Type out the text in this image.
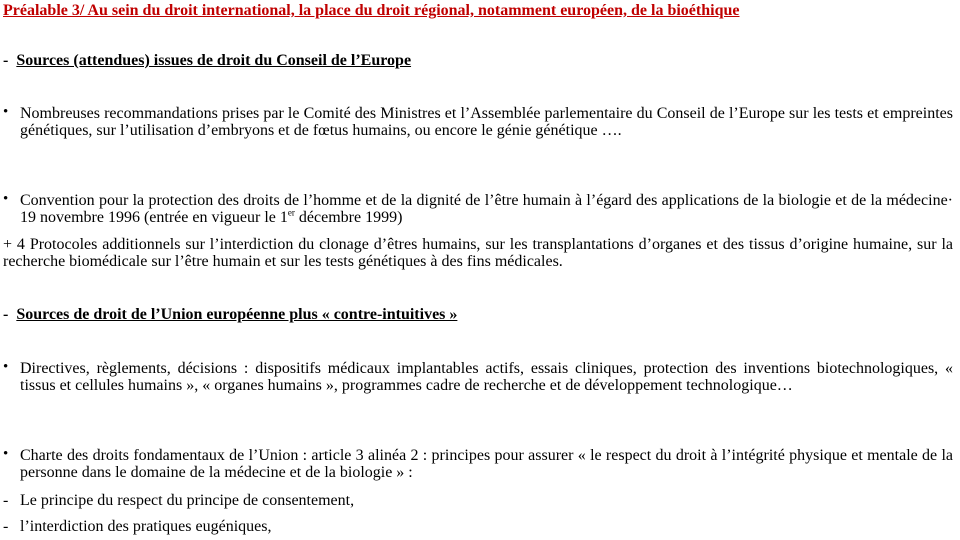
Préalable 3/ Au sein du droit international, la place du droit régional, notamment européen, de la bioéthique
- Sources (attendues) issues de droit du Conseil de l’Europe
• Nombreuses recommandations prises par le Comité des Ministres et l’Assemblée parlementaire du Conseil de l’Europe sur les tests et empreintes génétiques, sur l’utilisation d’embryons et de fœtus humains, ou encore le génie génétique ….
• Convention pour la protection des droits de l’homme et de la dignité de l’être humain à l’égard des applications de la biologie et de la médecine· 19 novembre 1996 (entrée en vigueur le 1er décembre 1999)
+ 4 Protocoles additionnels sur l’interdiction du clonage d’êtres humains, sur les transplantations d’organes et des tissus d’origine humaine, sur la recherche biomédicale sur l’être humain et sur les tests génétiques à des fins médicales.
- Sources de droit de l’Union européenne plus « contre-intuitives »
• Directives, règlements, décisions : dispositifs médicaux implantables actifs, essais cliniques, protection des inventions biotechnologiques, « tissus et cellules humains », « organes humains », programmes cadre de recherche et de développement technologique…
• Charte des droits fondamentaux de l’Union : article 3 alinéa 2 : principes pour assurer « le respect du droit à l’intégrité physique et mentale de la personne dans le domaine de la médecine et de la biologie » :
- Le principe du respect du principe de consentement,
- l’interdiction des pratiques eugéniques,
